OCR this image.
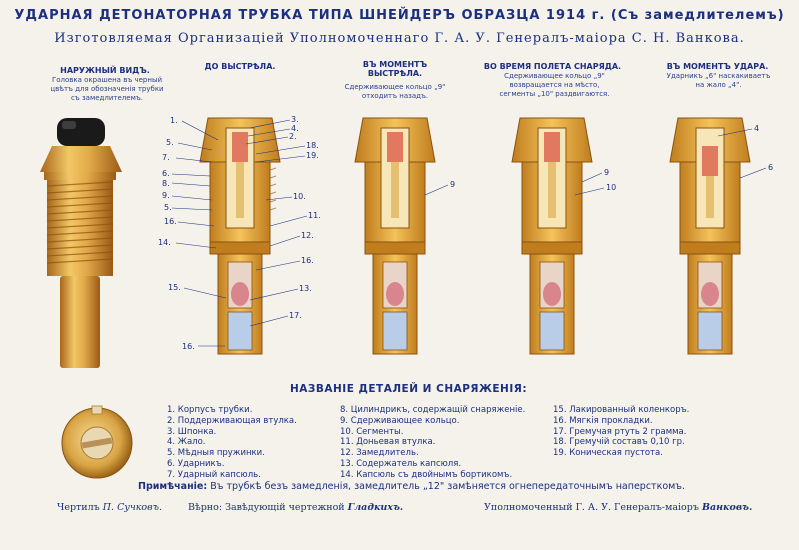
УДАРНАЯ ДЕТОНАТОРНАЯ ТРУБКА ТИПА ШНЕЙДЕРЪ ОБРАЗЦА 1914 г. (Съ замедлителемъ)
Изготовляемая Организацiей Уполномоченнаго Г. А. У. Генералъ-маiора С. Н. Ванкова.
НАРУЖНЫЙ ВИДЪ.
Головка окрашена въ черный цвѣтъ для обозначенiя трубки съ замедлителемъ.
ДО ВЫСТРѢЛА.	ВЪ МОМЕНТЪ ВЫСТРѢЛА.
Сдерживающее кольцо „9" отходитъ назадъ.
ВО ВРЕМЯ ПОЛЕТА СНАРЯДА.
Сдерживающее кольцо „9" возвращается на мѣсто, сегменты „10" раздвигаются.
ВЪ МОМЕНТЪ УДАРА.
Ударникъ „6" наскакиваетъ на жало „4".
1.
5.
7.
6.
8.
9.
5.
16.
14.
15.
16.
3.
4.
2.
18.
19.
10.
11.
12.
16.
13.
17.
9
9
10
4
6
НАЗВАНIЕ ДЕТАЛЕЙ И СНАРЯЖЕНIЯ:
1. Корпусъ трубки.
2. Поддерживающая втулка.
3. Шпонка.
4. Жало.
5. Мѣдныя пружинки.
6. Ударникъ.
7. Ударный капсюль.
8. Цилиндрикъ, содержащiй снаряженiе.
9. Сдерживающее кольцо.
10. Сегменты.
11. Доньевая втулка.
12. Замедлитель.
13. Содержатель капсюля.
14. Капсюль съ двойнымъ бортикомъ.
15. Лакированный коленкоръ.
16. Мягкiя прокладки.
17. Гремучая ртуть 2 грамма.
18. Гремучiй составъ 0,10 гр.
19. Коническая пустота.
Примѣчанiе: Въ трубкѣ безъ замедленiя, замедлитель „12" замѣняется огнепередаточнымъ наперсткомъ.
Чертилъ П. Сучковъ.	Вѣрно: Завѣдующiй чертежной Гладкихъ.	Уполномоченный Г. А. У. Генералъ-маiоръ Ванковъ.
